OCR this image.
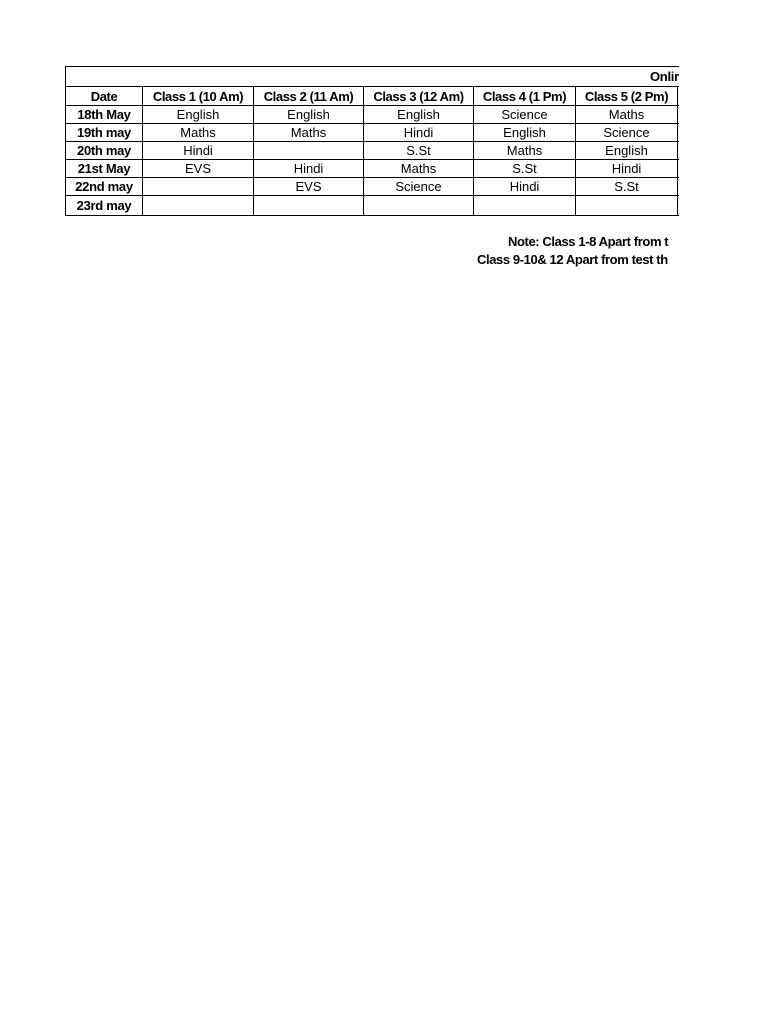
Onlir						
Date	Class 1 (10 Am)	Class 2 (11 Am)	Class 3 (12 Am)	Class 4 (1 Pm)	Class 5 (2 Pm)	
18th May	English	English	English	Science	Maths	
19th may	Maths	Maths	Hindi	English	Science	
20th may	Hindi		S.St	Maths	English	
21st May	EVS	Hindi	Maths	S.St	Hindi	
22nd may		EVS	Science	Hindi	S.St	
23rd may						
Note: Class 1-8 Apart from t
Class 9-10& 12 Apart from test th
